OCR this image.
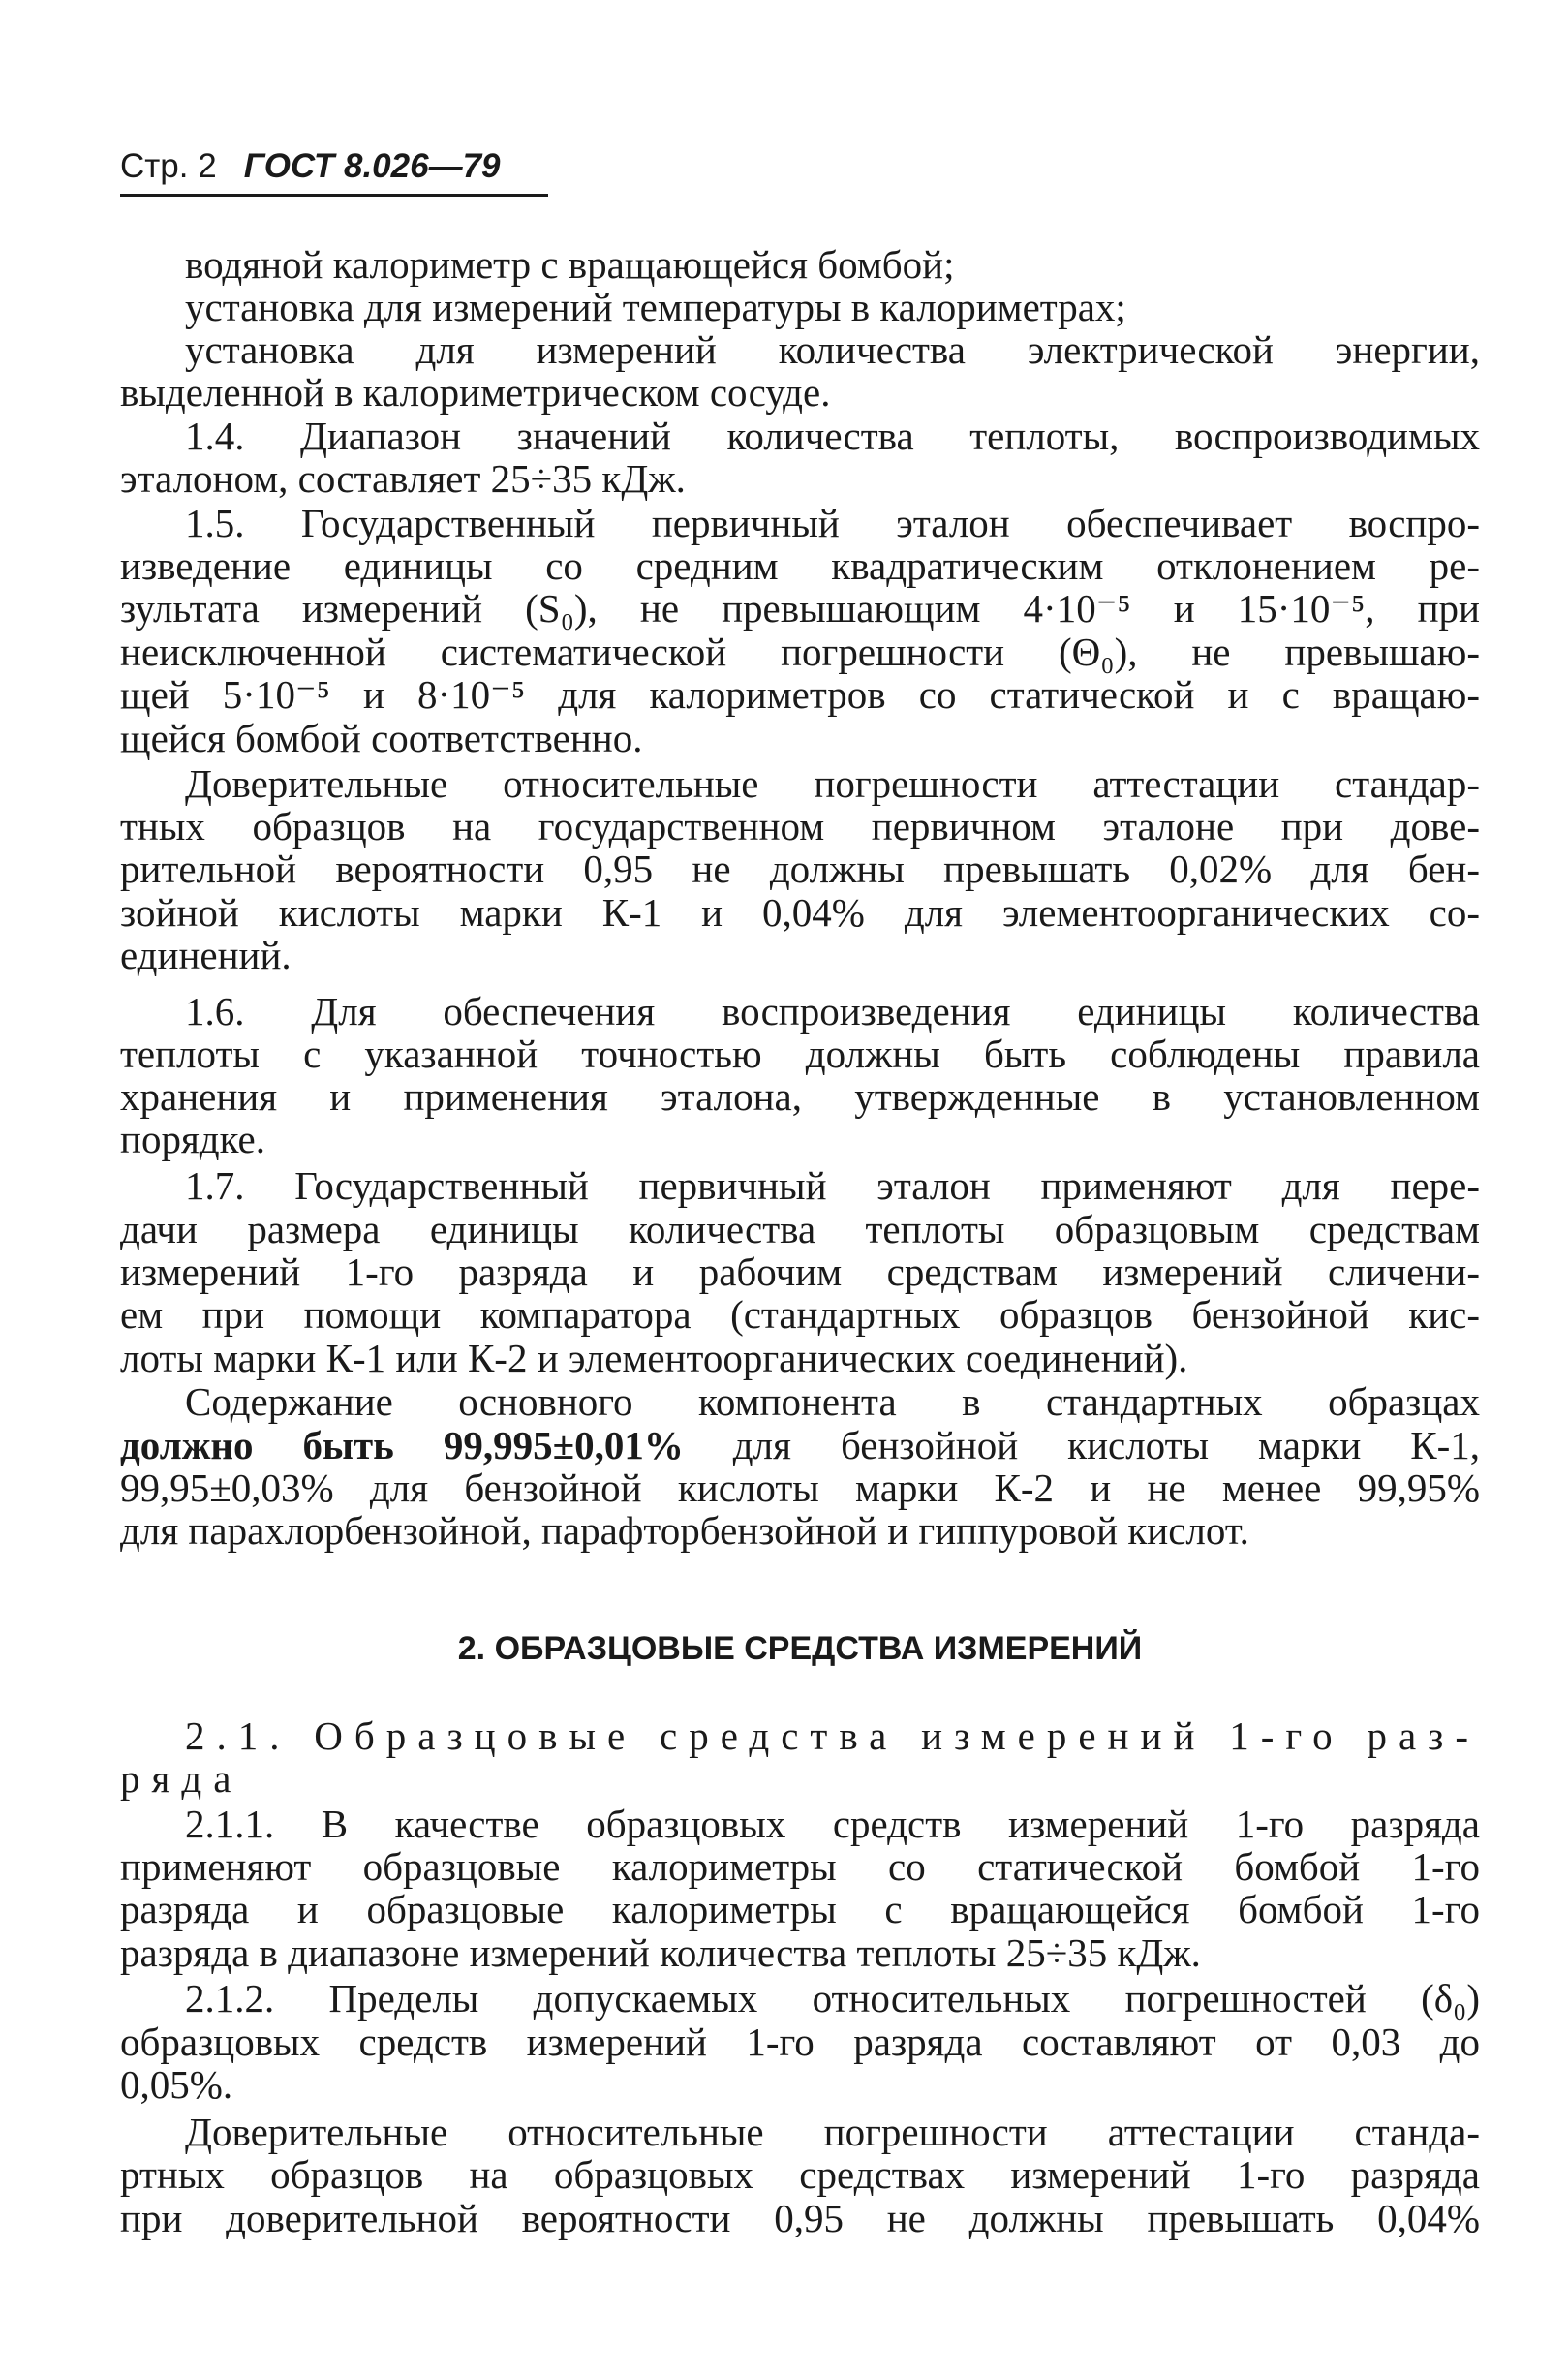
Стр. 2 ГОСТ 8.026—79
водяной калориметр с вращающейся бомбой;
установка для измерений температуры в калориметрах;
установка для измерений количества электрической энергии,
выделенной в калориметрическом сосуде.
1.4. Диапазон значений количества теплоты, воспроизводимых
эталоном, составляет 25÷35 кДж.
1.5. Государственный первичный эталон обеспечивает воспро-
изведение единицы со средним квадратическим отклонением ре-
зультата измерений (S₀), не превышающим 4·10⁻⁵ и 15·10⁻⁵, при
неисключенной систематической погрешности (Θ₀), не превышаю-
щей 5·10⁻⁵ и 8·10⁻⁵ для калориметров со статической и с вращаю-
щейся бомбой соответственно.
Доверительные относительные погрешности аттестации стандар-
тных образцов на государственном первичном эталоне при дове-
рительной вероятности 0,95 не должны превышать 0,02% для бен-
зойной кислоты марки К-1 и 0,04% для элементоорганических со-
единений.
1.6. Для обеспечения воспроизведения единицы количества
теплоты с указанной точностью должны быть соблюдены правила
хранения и применения эталона, утвержденные в установленном
порядке.
1.7. Государственный первичный эталон применяют для пере-
дачи размера единицы количества теплоты образцовым средствам
измерений 1-го разряда и рабочим средствам измерений сличени-
ем при помощи компаратора (стандартных образцов бензойной кис-
лоты марки К-1 или К-2 и элементоорганических соединений).
Содержание основного компонента в стандартных образцах
должно быть 99,995±0,01% для бензойной кислоты марки К-1,
99,95±0,03% для бензойной кислоты марки К-2 и не менее 99,95%
для парахлорбензойной, парафторбензойной и гиппуровой кислот.
2. ОБРАЗЦОВЫЕ СРЕДСТВА ИЗМЕРЕНИЙ
2.1. Образцовые средства измерений 1-го раз-
ряда
2.1.1. В качестве образцовых средств измерений 1-го разряда
применяют образцовые калориметры со статической бомбой 1-го
разряда и образцовые калориметры с вращающейся бомбой 1-го
разряда в диапазоне измерений количества теплоты 25÷35 кДж.
2.1.2. Пределы допускаемых относительных погрешностей (δ₀)
образцовых средств измерений 1-го разряда составляют от 0,03 до
0,05%.
Доверительные относительные погрешности аттестации станда-
ртных образцов на образцовых средствах измерений 1-го разряда
при доверительной вероятности 0,95 не должны превышать 0,04%
